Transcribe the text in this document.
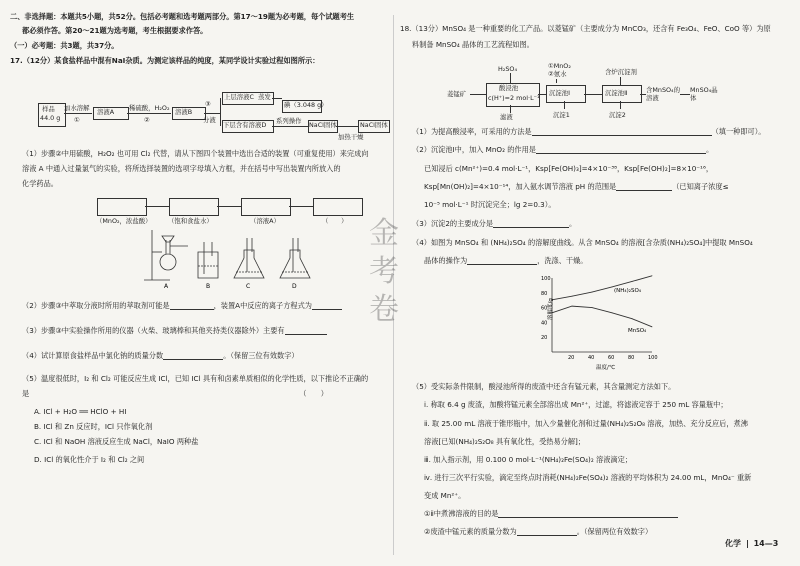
二、非选择题：本题共5小题，共52分。包括必考题和选考题两部分。第17～19题为必考题，每个试题考生
都必须作答。第20～21题为选考题，考生根据要求作答。
（一）必考题：共3题，共37分。
17.（12分）某食盐样品中混有NaI杂质。为测定该样品的纯度，某同学设计实验过程如图所示：
样品
44.0 g
加水溶解
①
溶液A 稀硫酸，H₂O₂
②
溶液B
③
分液
上层溶液C
下层含有溶液D
蒸发
碘（3.048 g）
系列操作 NaCl固体
加热干燥
NaCl固体
（1）步骤②中用硫酸，H₂O₂ 也可用 Cl₂ 代替，请从下图四个装置中选出合适的装置（可重复使用）来完成向
溶液 A 中通入过量氯气的实验，将所选择装置的选项字母填入方框，并在括号中写出装置内所放入的
化学药品。
（MnO₂，浓盐酸）	（饱和食盐水）	（溶液A）	（　　）
A	B	C	D
（2）步骤③中萃取分液时所用的萃取剂可能是	，装置A中反应的离子方程式为
（3）步骤③中实验操作所用的仪器（火柴、玻璃棒和其他夹持类仪器除外）主要有
（4）试计算原食盐样品中氯化钠的质量分数	。（保留三位有效数字）
（5）温度很低时，I₂ 和 Cl₂ 可能反应生成 ICl，已知 ICl 具有和卤素单质相似的化学性质，以下推论不正确的
是	（　　）
A. ICl + H₂O ══ HClO + HI
B. ICl 和 Zn 反应时，ICl 只作氧化剂
C. ICl 和 NaOH 溶液反应生成 NaCl，NaIO 两种盐
D. ICl 的氧化性介于 I₂ 和 Cl₂ 之间
金考卷
18.（13分）MnSO₄ 是一种重要的化工产品。以菱锰矿（主要成分为 MnCO₃，还含有 Fe₃O₄、FeO、CoO 等）为原
料制备 MnSO₄ 晶体的工艺流程如图。
H₂SO₄
菱锰矿
酸浸池
c(H⁺)=2 mol·L⁻¹
滤液
①MnO₂
②氨水
沉淀池Ⅰ
沉淀1
含炉沉淀剂
沉淀池Ⅱ
沉淀2
含MnSO₄的溶液
MnSO₄晶体
（1）为提高酸浸率，可采用的方法是	（填一种即可）。
（2）沉淀池Ⅰ中，加入 MnO₂ 的作用是	。
已知浸后 c(Mn²⁺)=0.4 mol·L⁻¹，Ksp[Fe(OH)₃]=4×10⁻³⁸，Ksp[Fe(OH)₂]=8×10⁻¹⁶，
Ksp[Mn(OH)₂]=4×10⁻¹⁴，加入氨水调节溶液 pH 的范围是	（已知离子浓度≤
10⁻⁵ mol·L⁻¹ 时沉淀完全；lg 2=0.3）。
（3）沉淀2的主要成分是	。
（4）如图为 MnSO₄ 和 (NH₄)₂SO₄ 的溶解度曲线。从含 MnSO₄ 的溶液[含杂质(NH₄)₂SO₄]中提取 MnSO₄
晶体的操作为	，洗涤、干燥。
20	40	60	80	100
20
40
60
80
100
溶解度/g
温度/℃
(NH₄)₂SO₄
MnSO₄
（5）受实际条件限制，酸浸池所得的废渣中还含有锰元素，其含量测定方法如下。
ⅰ. 称取 6.4 g 废渣，加酸将锰元素全部溶出成 Mn²⁺，过滤，将滤液定容于 250 mL 容量瓶中；
ⅱ. 取 25.00 mL 溶液于锥形瓶中，加入少量催化剂和过量(NH₄)₂S₂O₈ 溶液，加热、充分反应后，煮沸
溶液[已知(NH₄)₂S₂O₈ 具有氧化性，受热易分解]；
ⅲ. 加入指示剂，用 0.100 0 mol·L⁻¹(NH₄)₂Fe(SO₄)₂ 溶液滴定；
ⅳ. 进行三次平行实验，滴定至终点时消耗(NH₄)₂Fe(SO₄)₂ 溶液的平均体积为 24.00 mL，MnO₄⁻ 重新
变成 Mn²⁺。
①ⅱ中煮沸溶液的目的是
②废渣中锰元素的质量分数为	。（保留两位有效数字）
化学 14—3
